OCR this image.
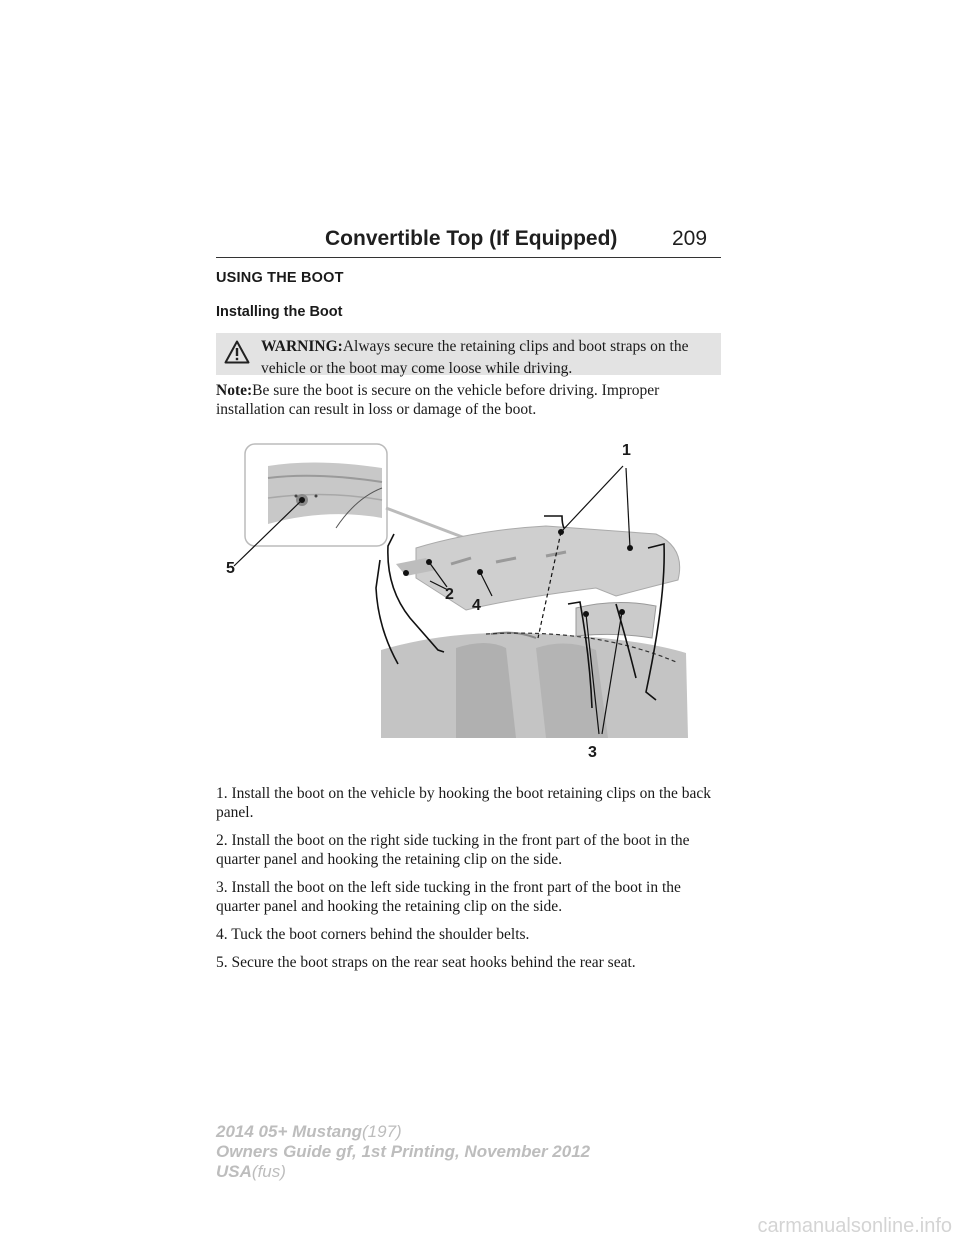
Convertible Top (If Equipped)	209
USING THE BOOT
WARNING:Always secure the retaining clips and boot straps on the vehicle or the boot may come loose while driving.
Note:Be sure the boot is secure on the vehicle before driving. Improper installation can result in loss or damage of the boot.
1
2
3
4
5

1. Install the boot on the vehicle by hooking the boot retaining clips on the back panel.

2. Install the boot on the right side tucking in the front part of the boot in the quarter panel and hooking the retaining clip on the side.

3. Install the boot on the left side tucking in the front part of the boot in the quarter panel and hooking the retaining clip on the side.

4. Tuck the boot corners behind the shoulder belts.

5. Secure the boot straps on the rear seat hooks behind the rear seat.

2014 05+ Mustang(197)
Owners Guide gf, 1st Printing, November 2012
USA(fus)
carmanualsonline.info
Installing the Boot
